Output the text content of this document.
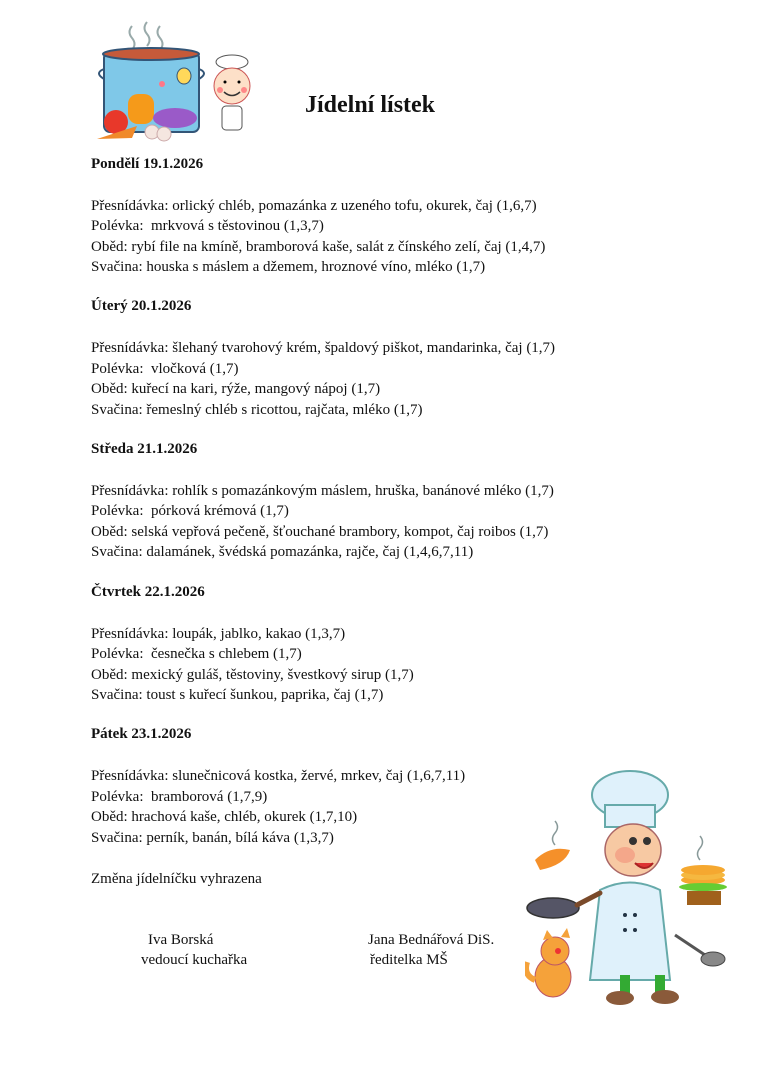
Jídelní lístek
Pondělí 19.1.2026
Přesnídávka: orlický chléb, pomazánka z uzeného tofu, okurek, čaj (1,6,7)
Polévka:  mrkvová s těstovinou (1,3,7)
Oběd: rybí file na kmíně, bramborová kaše, salát z čínského zelí, čaj (1,4,7)
Svačina: houska s máslem a džemem, hroznové víno, mléko (1,7)
Úterý 20.1.2026
Přesnídávka: šlehaný tvarohový krém, špaldový piškot, mandarinka, čaj (1,7)
Polévka:  vločková (1,7)
Oběd: kuřecí na kari, rýže, mangový nápoj (1,7)
Svačina: řemeslný chléb s ricottou, rajčata, mléko (1,7)
Středa 21.1.2026
Přesnídávka: rohlík s pomazánkovým máslem, hruška, banánové mléko (1,7)
Polévka:  pórková krémová (1,7)
Oběd: selská vepřová pečeně, šťouchané brambory, kompot, čaj roibos (1,7)
Svačina: dalamánek, švédská pomazánka, rajče, čaj (1,4,6,7,11)
Čtvrtek 22.1.2026
Přesnídávka: loupák, jablko, kakao (1,3,7)
Polévka:  česnečka s chlebem (1,7)
Oběd: mexický guláš, těstoviny, švestkový sirup (1,7)
Svačina: toust s kuřecí šunkou, paprika, čaj (1,7)
Pátek 23.1.2026
Přesnídávka: slunečnicová kostka, žervé, mrkev, čaj (1,6,7,11)
Polévka:  bramborová (1,7,9)
Oběd: hrachová kaše, chléb, okurek (1,7,10)
Svačina: perník, banán, bílá káva (1,3,7)
Změna jídelníčku vyhrazena
Iva Borská
vedoucí kuchařka
Jana Bednářová DiS.
ředitelka MŠ
